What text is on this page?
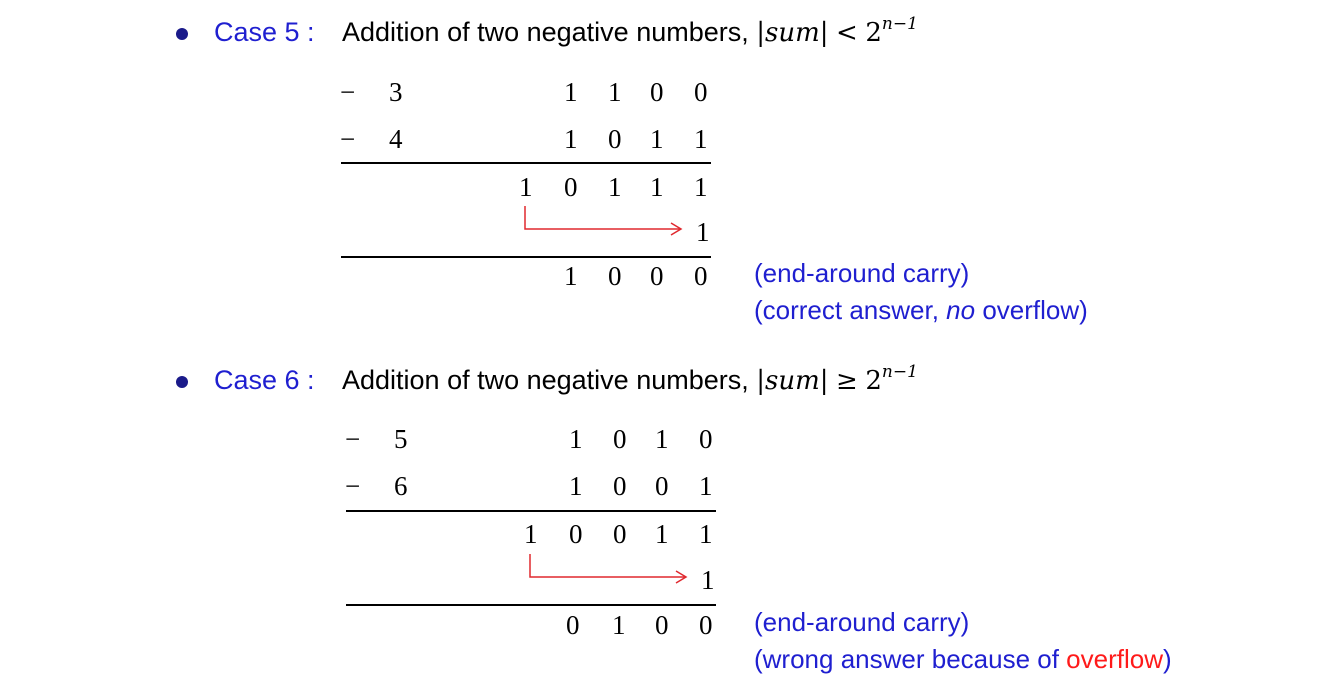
Case 5 : Addition of two negative numbers, $|sum| < 2^{n-1}$
− 3	1 1 0 0
− 4	1 0 1 1
1 0 1 1 1
1
1 0 0 0 (end-around carry)
(correct answer, no overflow)
Case 6 : Addition of two negative numbers, $|sum| \ge 2^{n-1}$
− 5	1 0 1 0
− 6	1 0 0 1
1 0 0 1 1
1
0 1 0 0 (end-around carry)
(wrong answer because of overflow)
